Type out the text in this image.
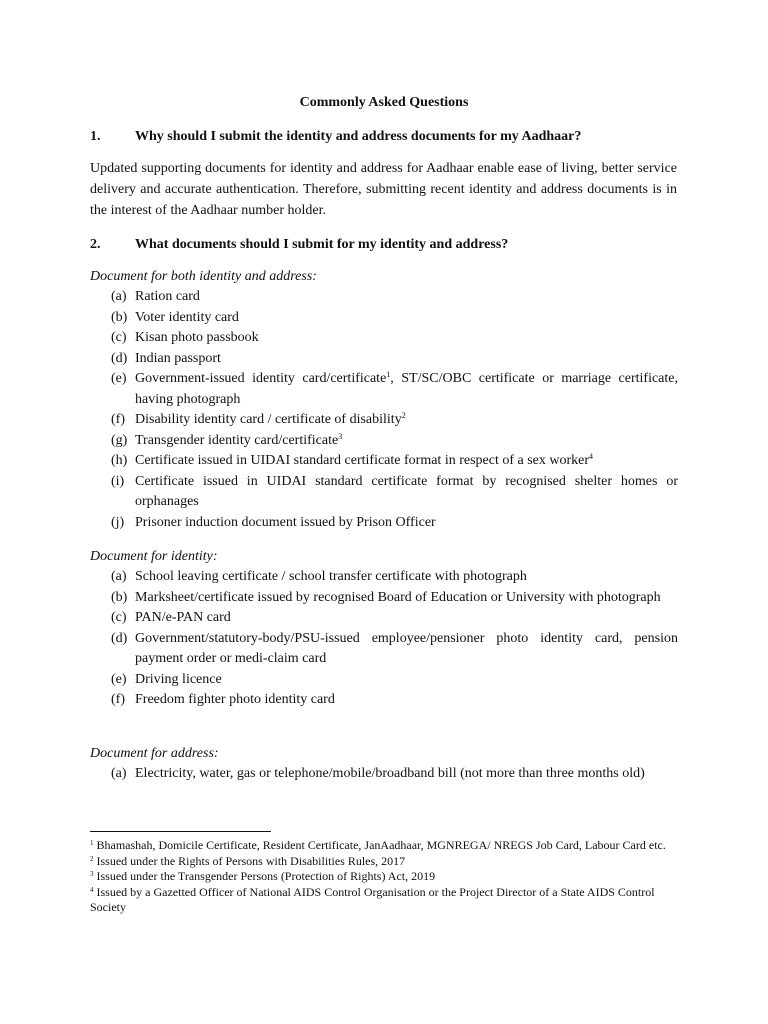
Commonly Asked Questions
1. Why should I submit the identity and address documents for my Aadhaar?
Updated supporting documents for identity and address for Aadhaar enable ease of living, better service delivery and accurate authentication. Therefore, submitting recent identity and address documents is in the interest of the Aadhaar number holder.
2. What documents should I submit for my identity and address?
Document for both identity and address:
(a) Ration card
(b) Voter identity card
(c) Kisan photo passbook
(d) Indian passport
(e) Government-issued identity card/certificate$^1$, ST/SC/OBC certificate or marriage certificate, having photograph
(f) Disability identity card / certificate of disability$^2$
(g) Transgender identity card/certificate$^3$
(h) Certificate issued in UIDAI standard certificate format in respect of a sex worker$^4$
(i) Certificate issued in UIDAI standard certificate format by recognised shelter homes or orphanages
(j) Prisoner induction document issued by Prison Officer
Document for identity:
(a) School leaving certificate / school transfer certificate with photograph
(b) Marksheet/certificate issued by recognised Board of Education or University with photograph
(c) PAN/e-PAN card
(d) Government/statutory-body/PSU-issued employee/pensioner photo identity card, pension payment order or medi-claim card
(e) Driving licence
(f) Freedom fighter photo identity card
Document for address:
(a) Electricity, water, gas or telephone/mobile/broadband bill (not more than three months old)
$^1$ Bhamashah, Domicile Certificate, Resident Certificate, JanAadhaar, MGNREGA/ NREGS Job Card, Labour Card etc.
$^2$ Issued under the Rights of Persons with Disabilities Rules, 2017
$^3$ Issued under the Transgender Persons (Protection of Rights) Act, 2019
$^4$ Issued by a Gazetted Officer of National AIDS Control Organisation or the Project Director of a State AIDS Control Society
